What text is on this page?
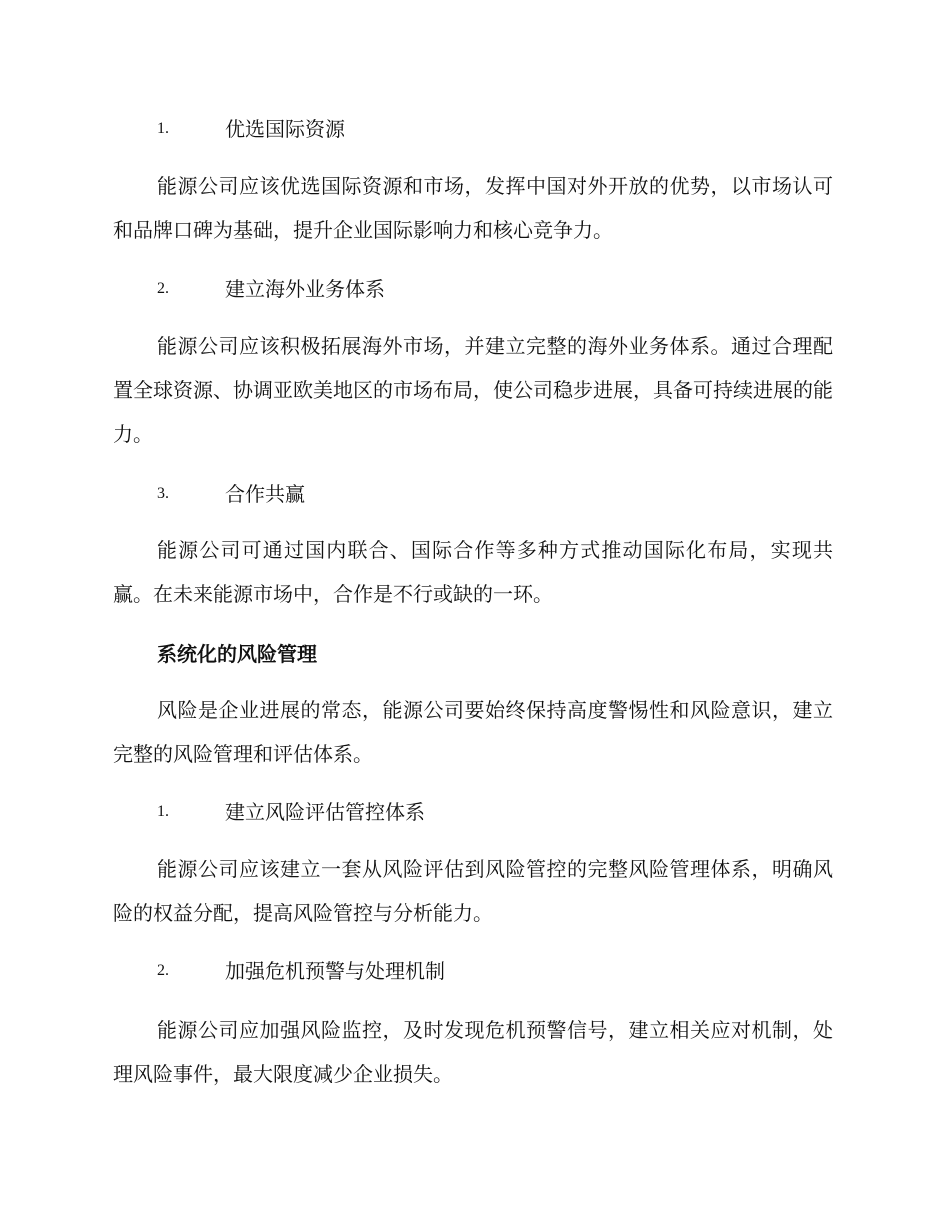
1.	优选国际资源
能源公司应该优选国际资源和市场，发挥中国对外开放的优势，以市场认可和品牌口碑为基础，提升企业国际影响力和核心竞争力。
2.	建立海外业务体系
能源公司应该积极拓展海外市场，并建立完整的海外业务体系。通过合理配置全球资源、协调亚欧美地区的市场布局，使公司稳步进展，具备可持续进展的能力。
3.	合作共赢
能源公司可通过国内联合、国际合作等多种方式推动国际化布局，实现共赢。在未来能源市场中，合作是不行或缺的一环。
系统化的风险管理
风险是企业进展的常态，能源公司要始终保持高度警惕性和风险意识，建立完整的风险管理和评估体系。
1.	建立风险评估管控体系
能源公司应该建立一套从风险评估到风险管控的完整风险管理体系，明确风险的权益分配，提高风险管控与分析能力。
2.	加强危机预警与处理机制
能源公司应加强风险监控，及时发现危机预警信号，建立相关应对机制，处理风险事件，最大限度减少企业损失。
